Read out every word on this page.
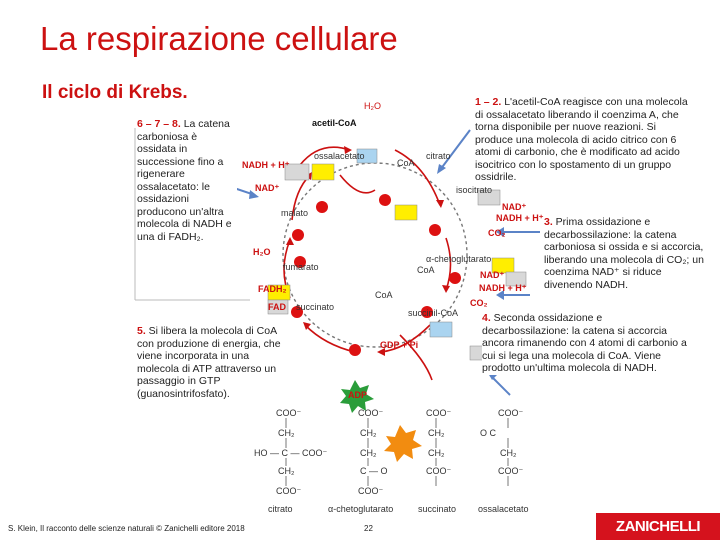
La respirazione cellulare
Il ciclo di Krebs.	1 – 2. L'acetil-CoA reagisce con una molecola di ossalacetato liberando il coenzima A, che torna disponibile per nuove reazioni. Si produce una molecola di acido citrico con 6 atomi di carbonio, che è modificato ad acido isocitrico con lo spostamento di un gruppo ossidrile.
3. Prima ossidazione e decarbossilazione: la catena carboniosa si ossida e si accorcia, liberando una molecola di CO₂; un coenzima NAD⁺ si riduce divenendo NADH.
4. Seconda ossidazione e decarbossilazione: la catena si accorcia ancora rimanendo con 4 atomi di carbonio a cui si lega una molecola di CoA. Viene prodotto un'ultima molecola di NADH.
5. Si libera la molecola di CoA con produzione di energia, che viene incorporata in una molecola di ATP attraverso un passaggio in GTP (guanosintrifosfato).
6 – 7 – 8. La catena carboniosa è ossidata in successione fino a rigenerare ossalacetato: le ossidazioni producono un'altra molecola di NADH e una di FADH₂.
acetil-CoA
H₂O
ossalacetato
CoA
citrato
isocitrato
NAD⁺
NADH + H⁺
CO₂
α-chetoglutarato
CoA	NAD⁺
NADH + H⁺
CO₂
succinil-CoA
CoA
GDP + Pi
ADP
succinato
FAD
FADH₂
fumarato
H₂O
malato
NAD⁺
NADH + H⁺
COO⁻
CH₂
HO — C — COO⁻
CH₂
COO⁻
citrato
COO⁻
CH₂
CH₂
C — O
COO⁻
α-chetoglutarato
COO⁻
CH₂
CH₂
COO⁻
succinato
COO⁻
O C
CH₂
COO⁻
ossalacetato
S. Klein, Il racconto delle scienze naturali © Zanichelli editore 2018	22	ZANICHELLI
